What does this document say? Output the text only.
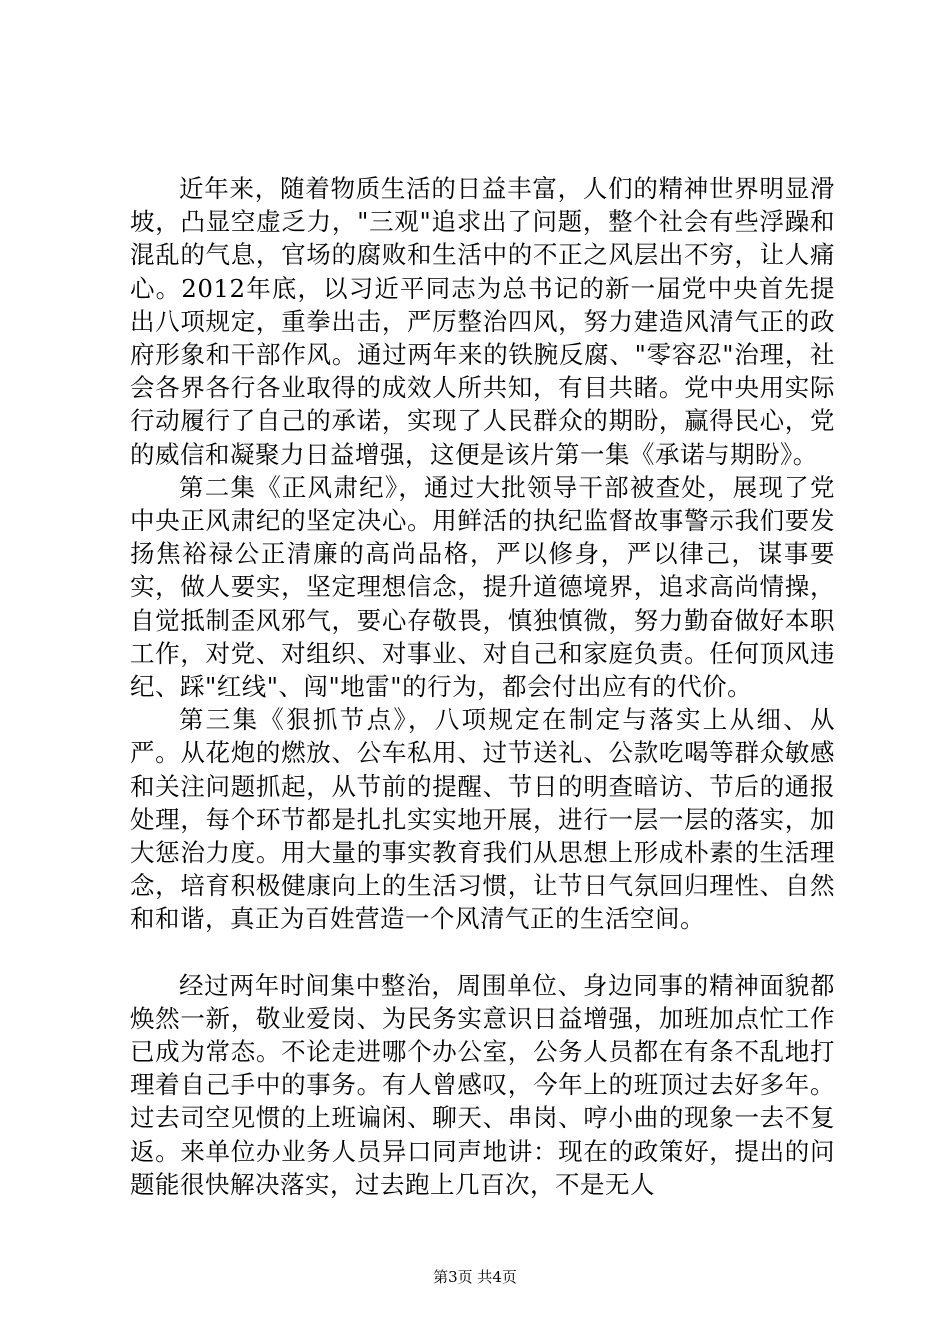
近年来，随着物质生活的日益丰富，人们的精神世界明显滑坡，凸显空虚乏力，"三观"追求出了问题，整个社会有些浮躁和混乱的气息，官场的腐败和生活中的不正之风层出不穷，让人痛心。2012年底，以习近平同志为总书记的新一届党中央首先提出八项规定，重拳出击，严厉整治四风，努力建造风清气正的政府形象和干部作风。通过两年来的铁腕反腐、"零容忍"治理，社会各界各行各业取得的成效人所共知，有目共睹。党中央用实际行动履行了自己的承诺，实现了人民群众的期盼，赢得民心，党的威信和凝聚力日益增强，这便是该片第一集《承诺与期盼》。

第二集《正风肃纪》，通过大批领导干部被查处，展现了党中央正风肃纪的坚定决心。用鲜活的执纪监督故事警示我们要发扬焦裕禄公正清廉的高尚品格，严以修身，严以律己，谋事要实，做人要实，坚定理想信念，提升道德境界，追求高尚情操，自觉抵制歪风邪气，要心存敬畏，慎独慎微，努力勤奋做好本职工作，对党、对组织、对事业、对自己和家庭负责。任何顶风违纪、踩"红线"、闯"地雷"的行为，都会付出应有的代价。

第三集《狠抓节点》，八项规定在制定与落实上从细、从严。从花炮的燃放、公车私用、过节送礼、公款吃喝等群众敏感和关注问题抓起，从节前的提醒、节日的明查暗访、节后的通报处理，每个环节都是扎扎实实地开展，进行一层一层的落实，加大惩治力度。用大量的事实教育我们从思想上形成朴素的生活理念，培育积极健康向上的生活习惯，让节日气氛回归理性、自然和和谐，真正为百姓营造一个风清气正的生活空间。

经过两年时间集中整治，周围单位、身边同事的精神面貌都焕然一新，敬业爱岗、为民务实意识日益增强，加班加点忙工作已成为常态。不论走进哪个办公室，公务人员都在有条不乱地打理着自己手中的事务。有人曾感叹，今年上的班顶过去好多年。过去司空见惯的上班谝闲、聊天、串岗、哼小曲的现象一去不复返。来单位办业务人员异口同声地讲：现在的政策好，提出的问题能很快解决落实，过去跑上几百次，不是无人

第3页 共4页
